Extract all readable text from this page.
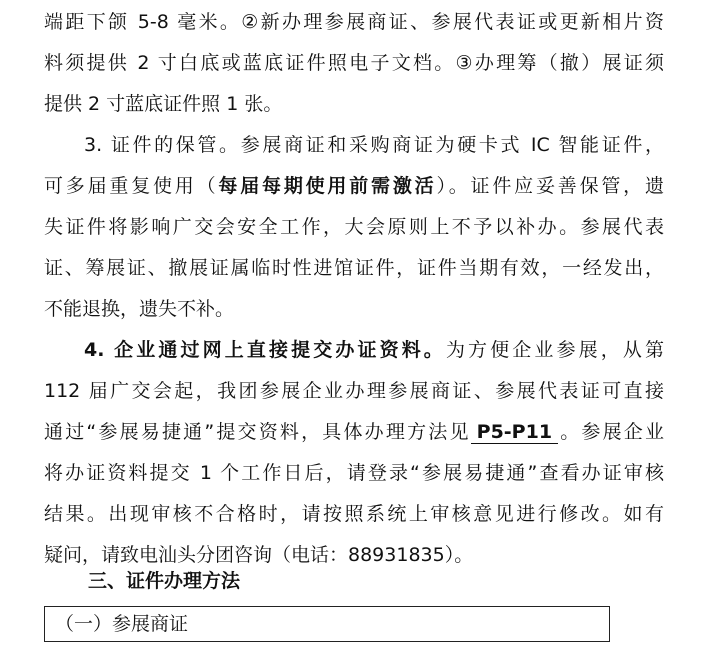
端距下颌 5-8 毫米。②新办理参展商证、参展代表证或更新相片资
料须提供 2 寸白底或蓝底证件照电子文档。③办理筹（撤）展证须
提供 2 寸蓝底证件照 1 张。
3. 证件的保管。参展商证和采购商证为硬卡式 IC 智能证件，
可多届重复使用（每届每期使用前需激活）。证件应妥善保管，遗
失证件将影响广交会安全工作，大会原则上不予以补办。参展代表
证、筹展证、撤展证属临时性进馆证件，证件当期有效，一经发出，
不能退换，遗失不补。
4. 企业通过网上直接提交办证资料。为方便企业参展，从第
112 届广交会起，我团参展企业办理参展商证、参展代表证可直接
通过“参展易捷通”提交资料，具体办理方法见 P5-P11 。参展企业
将办证资料提交 1 个工作日后，请登录“参展易捷通”查看办证审核
结果。出现审核不合格时，请按照系统上审核意见进行修改。如有
疑问，请致电汕头分团咨询（电话：88931835）。
三、证件办理方法
（一）参展商证
